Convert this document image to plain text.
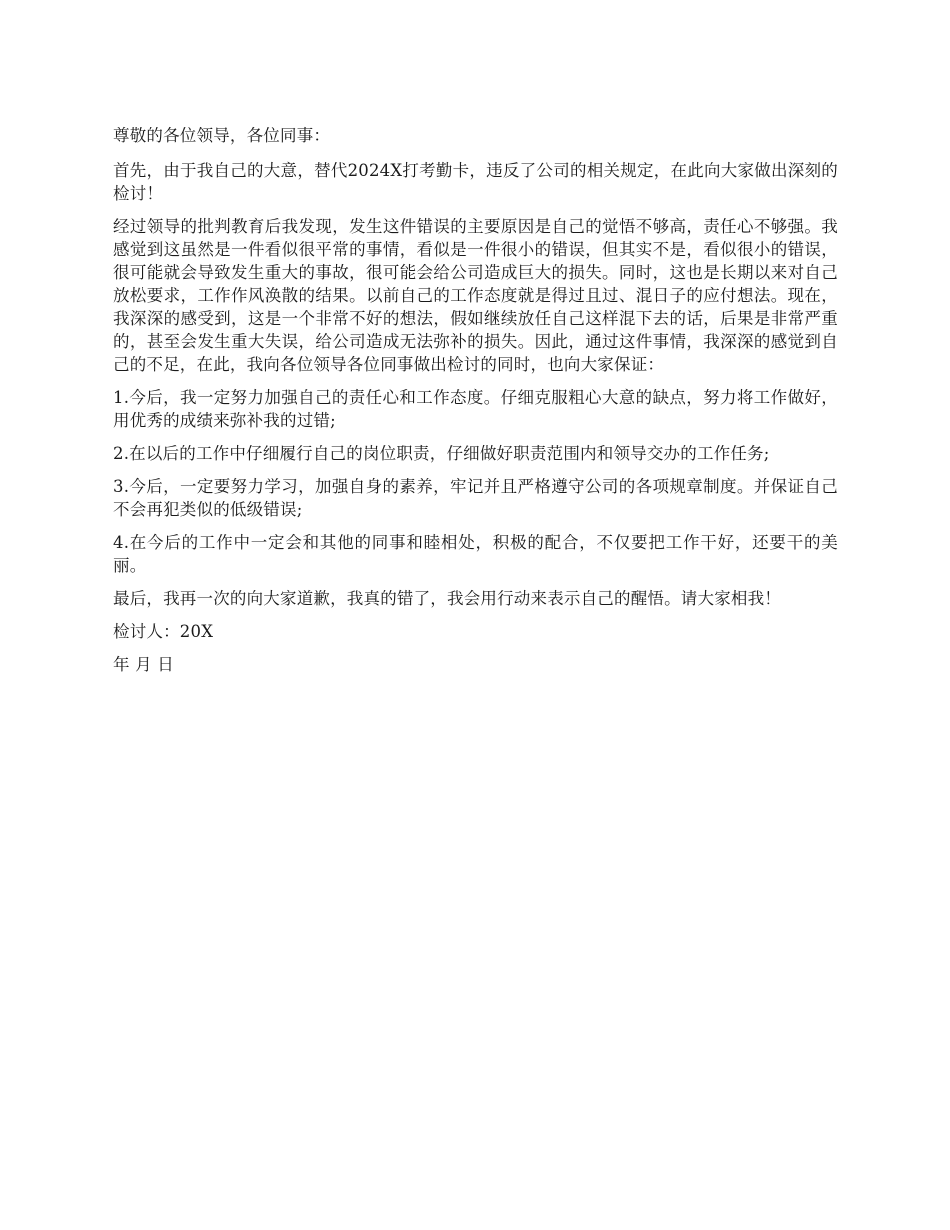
尊敬的各位领导，各位同事：

首先，由于我自己的大意，替代2024X打考勤卡，违反了公司的相关规定，在此向大家做出深刻的检讨！

经过领导的批判教育后我发现，发生这件错误的主要原因是自己的觉悟不够高，责任心不够强。我感觉到这虽然是一件看似很平常的事情，看似是一件很小的错误，但其实不是，看似很小的错误，很可能就会导致发生重大的事故，很可能会给公司造成巨大的损失。同时，这也是长期以来对自己放松要求，工作作风涣散的结果。以前自己的工作态度就是得过且过、混日子的应付想法。现在，我深深的感受到，这是一个非常不好的想法，假如继续放任自己这样混下去的话，后果是非常严重的，甚至会发生重大失误，给公司造成无法弥补的损失。因此，通过这件事情，我深深的感觉到自己的不足，在此，我向各位领导各位同事做出检讨的同时，也向大家保证：

1.今后，我一定努力加强自己的责任心和工作态度。仔细克服粗心大意的缺点，努力将工作做好，用优秀的成绩来弥补我的过错;

2.在以后的工作中仔细履行自己的岗位职责，仔细做好职责范围内和领导交办的工作任务;

3.今后，一定要努力学习，加强自身的素养，牢记并且严格遵守公司的各项规章制度。并保证自己不会再犯类似的低级错误;

4.在今后的工作中一定会和其他的同事和睦相处，积极的配合，不仅要把工作干好，还要干的美丽。

最后，我再一次的向大家道歉，我真的错了，我会用行动来表示自己的醒悟。请大家相我！

检讨人：20X

年 月 日
